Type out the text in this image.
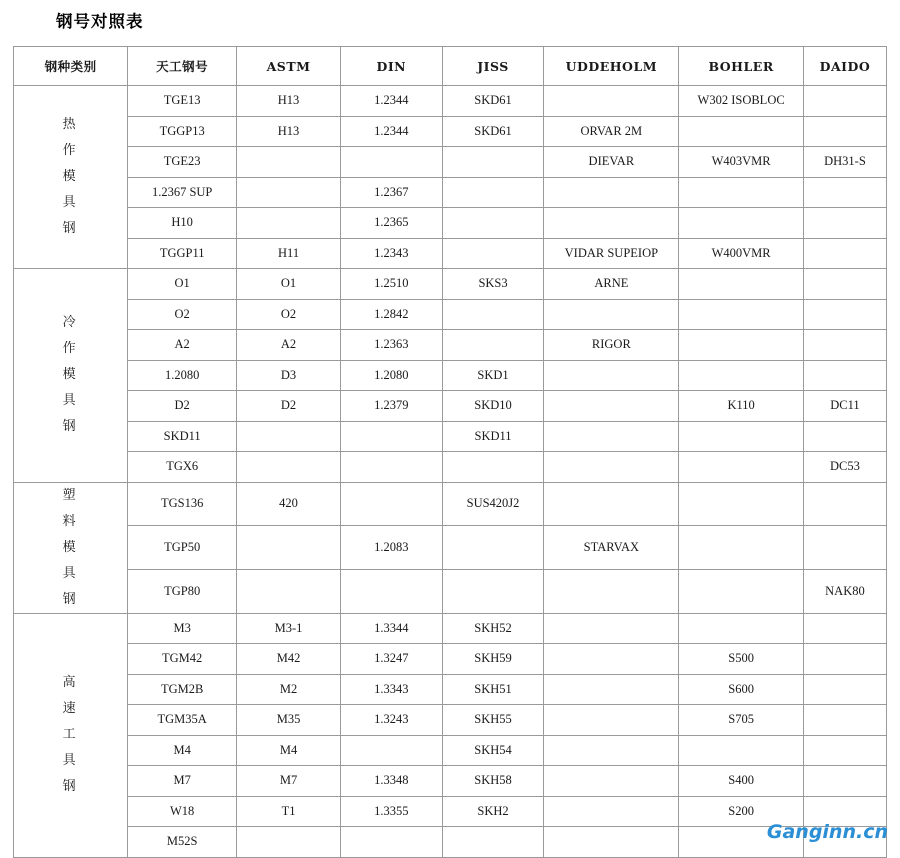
钢号对照表
钢种类别	天工钢号	ASTM	DIN	JISS	UDDEHOLM	BOHLER	DAIDO

热作模具钢	TGE13	H13	1.2344	SKD61		W302 ISOBLOC	
	TGGP13	H13	1.2344	SKD61	ORVAR 2M		
	TGE23				DIEVAR	W403VMR	DH31-S
	1.2367 SUP		1.2367				
	H10		1.2365				
	TGGP11	H11	1.2343		VIDAR SUPEIOP	W400VMR	

冷作模具钢	O1	O1	1.2510	SKS3	ARNE		
	O2	O2	1.2842				
	A2	A2	1.2363		RIGOR		
	1.2080	D3	1.2080	SKD1			
	D2	D2	1.2379	SKD10		K110	DC11
	SKD11			SKD11			
	TGX6						DC53

塑料模具钢	TGS136	420		SUS420J2			
	TGP50		1.2083		STARVAX		
	TGP80						NAK80

高速工具钢	M3	M3-1	1.3344	SKH52			
	TGM42	M42	1.3247	SKH59		S500	
	TGM2B	M2	1.3343	SKH51		S600	
	TGM35A	M35	1.3243	SKH55		S705	
	M4	M4		SKH54			
	M7	M7	1.3348	SKH58		S400	
	W18	T1	1.3355	SKH2		S200	
	M52S							Ganginn.cn
